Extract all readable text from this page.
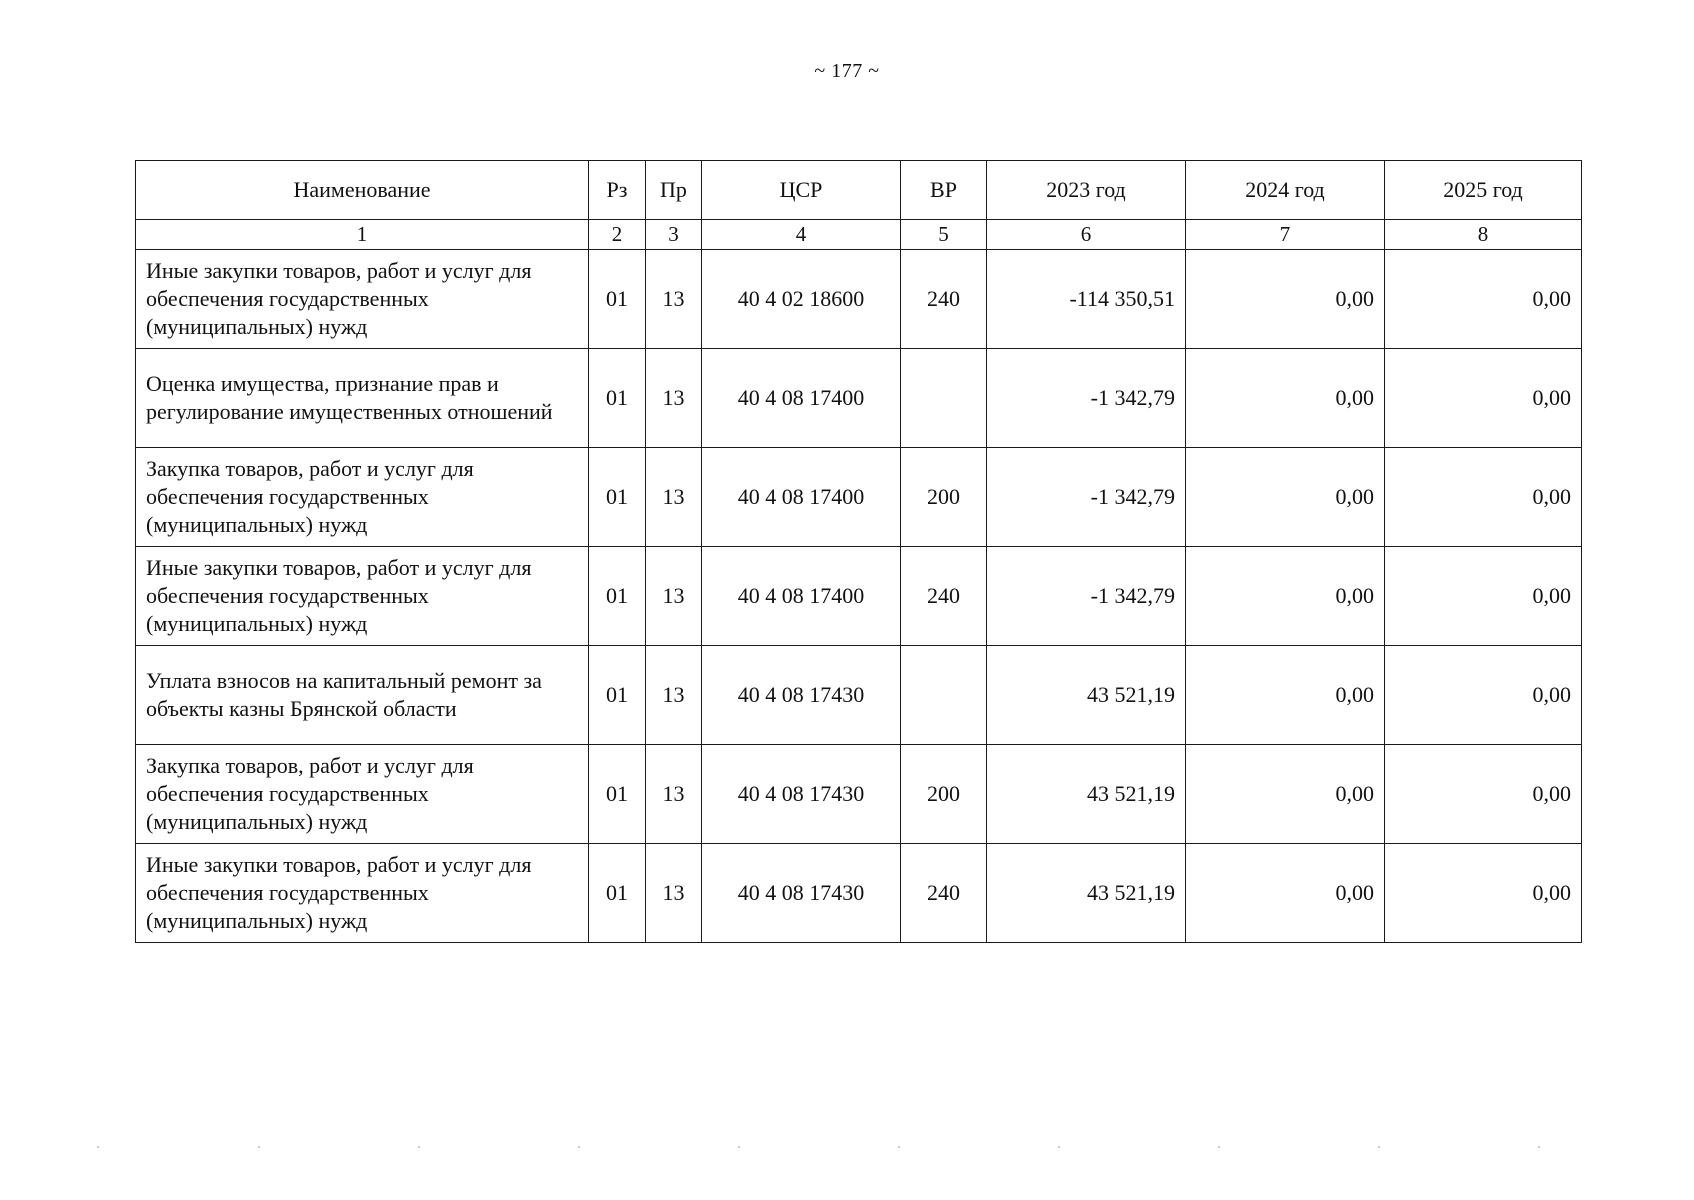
~ 177 ~
Наименование	Рз	Пр	ЦСР	ВР	2023 год	2024 год	2025 год
1	2	3	4	5	6	7	8
Иные закупки товаров, работ и услуг для обеспечения государственных (муниципальных) нужд	01	13	40 4 02 18600	240	-114 350,51	0,00	0,00
Оценка имущества, признание прав и регулирование имущественных отношений	01	13	40 4 08 17400		-1 342,79	0,00	0,00
Закупка товаров, работ и услуг для обеспечения государственных (муниципальных) нужд	01	13	40 4 08 17400	200	-1 342,79	0,00	0,00
Иные закупки товаров, работ и услуг для обеспечения государственных (муниципальных) нужд	01	13	40 4 08 17400	240	-1 342,79	0,00	0,00
Уплата взносов на капитальный ремонт за объекты казны Брянской области	01	13	40 4 08 17430		43 521,19	0,00	0,00
Закупка товаров, работ и услуг для обеспечения государственных (муниципальных) нужд	01	13	40 4 08 17430	200	43 521,19	0,00	0,00
Иные закупки товаров, работ и услуг для обеспечения государственных (муниципальных) нужд	01	13	40 4 08 17430	240	43 521,19	0,00	0,00
